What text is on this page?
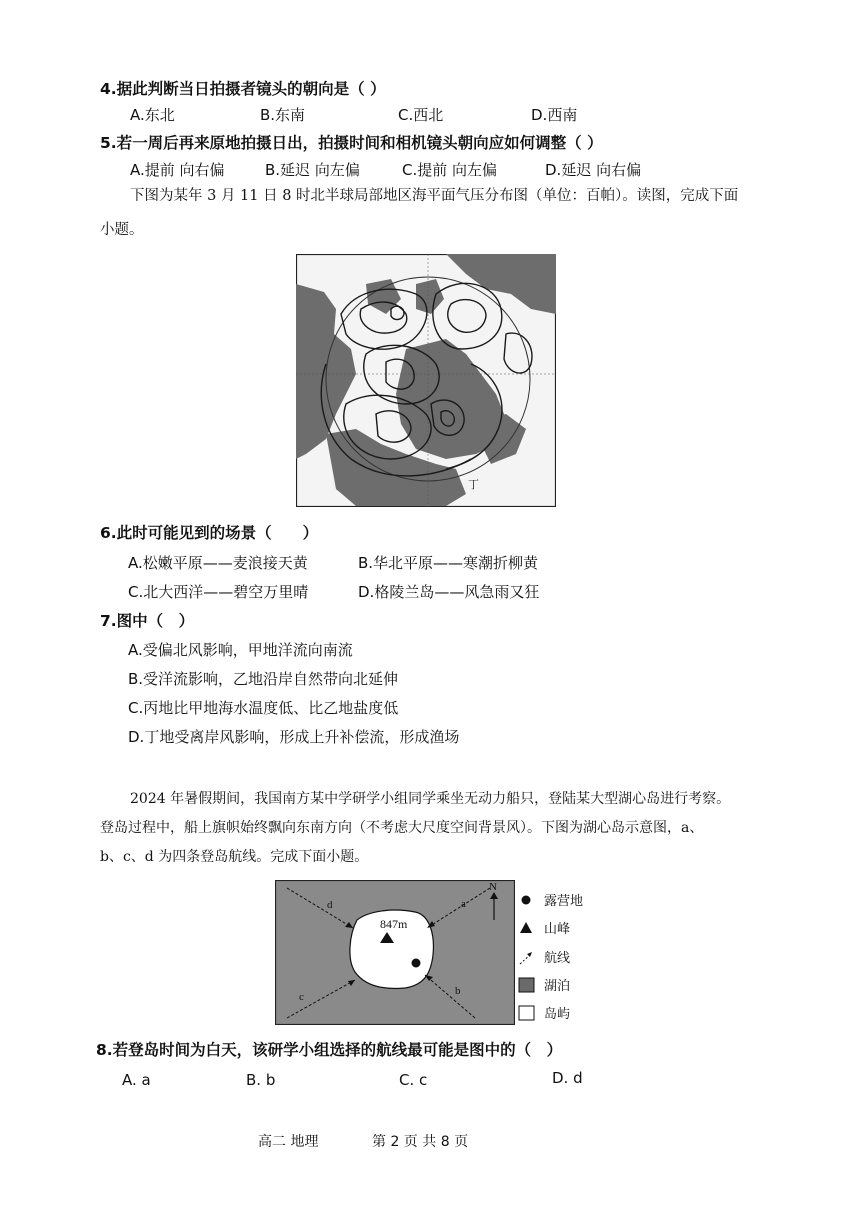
4.据此判断当日拍摄者镜头的朝向是（ ）
A.东北	B.东南	C.西北	D.西南
5.若一周后再来原地拍摄日出，拍摄时间和相机镜头朝向应如何调整（ ）
A.提前 向右偏	B.延迟 向左偏	C.提前 向左偏	D.延迟 向右偏
下图为某年 3 月 11 日 8 时北半球局部地区海平面气压分布图（单位：百帕）。读图，完成下面
小题。
丁
6.此时可能见到的场景（　　）
A.松嫩平原——麦浪接天黄	B.华北平原——寒潮折柳黄
C.北大西洋——碧空万里晴	D.格陵兰岛——风急雨又狂
7.图中（　）
A.受偏北风影响，甲地洋流向南流
B.受洋流影响，乙地沿岸自然带向北延伸
C.丙地比甲地海水温度低、比乙地盐度低
D.丁地受离岸风影响，形成上升补偿流，形成渔场
2024 年暑假期间，我国南方某中学研学小组同学乘坐无动力船只，登陆某大型湖心岛进行考察。
登岛过程中，船上旗帜始终飘向东南方向（不考虑大尺度空间背景风）。下图为湖心岛示意图，a、
b、c、d 为四条登岛航线。完成下面小题。
847m
d	a
c	b
N
露营地
山峰
航线
湖泊
岛屿
8.若登岛时间为白天，该研学小组选择的航线最可能是图中的（　）
A. a	B. b	C. c	D. d
高二 地理	第 2 页 共 8 页
